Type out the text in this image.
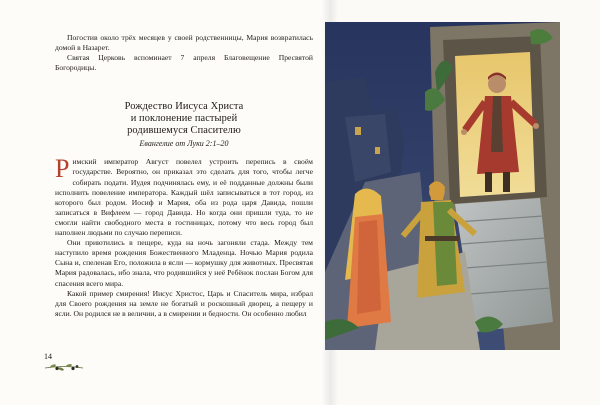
Погостив около трёх месяцев у своей родственницы, Мария возвратилась домой в Назарет.

Святая Церковь вспоминает 7 апреля Благовещение Пресвятой Богородицы.

Рождество Иисуса Христа
и поклонение пастырей
родившемуся Спасителю
Евангелие от Луки 2:1–20

Римский император Август повелел устроить перепись в своём государстве. Вероятно, он приказал это сделать для того, чтобы легче собирать подати. Иудея подчинялась ему, и её подданные должны были исполнить повеление императора. Каждый шёл записываться в тот город, из которого был родом. Иосиф и Мария, оба из рода царя Давида, пошли записаться в Вифлеем — город Давида. Но когда они пришли туда, то не смогли найти свободного места в гостиницах, потому что весь город был наполнен людьми по случаю переписи.

Они приютились в пещере, куда на ночь загоняли стада. Между тем наступило время рождения Божественного Младенца. Ночью Мария родила Сына и, спеленав Его, положила в ясли — кормушку для животных. Пресвятая Мария радовалась, ибо знала, что родившийся у неё Ребёнок послан Богом для спасения всего мира.

Какой пример смирения! Иисус Христос, Царь и Спаситель мира, избрал для Своего рождения на земле не богатый и роскошный дворец, а пещеру и ясли. Он родился не в величии, а в смирении и бедности. Он особенно любил

14
